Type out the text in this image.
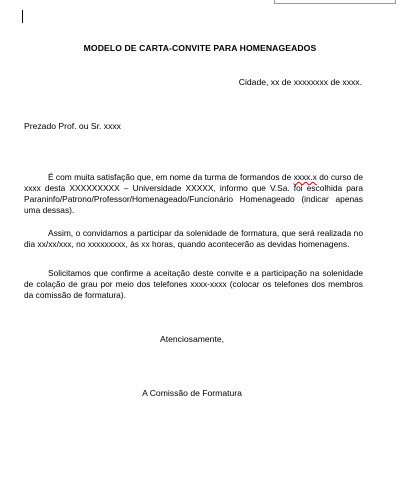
MODELO DE CARTA-CONVITE PARA HOMENAGEADOS
Cidade, xx de xxxxxxxx de xxxx.
Prezado Prof. ou Sr. xxxx

É com muita satisfação que, em nome da turma de formandos de xxxx.x do curso de xxxx desta XXXXXXXXX – Universidade XXXXX, informo que V.Sa. foi escolhida para Paraninfo/Patrono/Professor/Homenageado/Funcionário Homenageado (indicar apenas uma dessas).

Assim, o convidamos a participar da solenidade de formatura, que será realizada no dia xx/xx/xxx, no xxxxxxxxx, às xx horas, quando acontecerão as devidas homenagens.

Solicitamos que confirme a aceitação deste convite e a participação na solenidade de colação de grau por meio dos telefones xxxx-xxxx (colocar os telefones dos membros da comissão de formatura).

Atenciosamente,
A Comissão de Formatura
